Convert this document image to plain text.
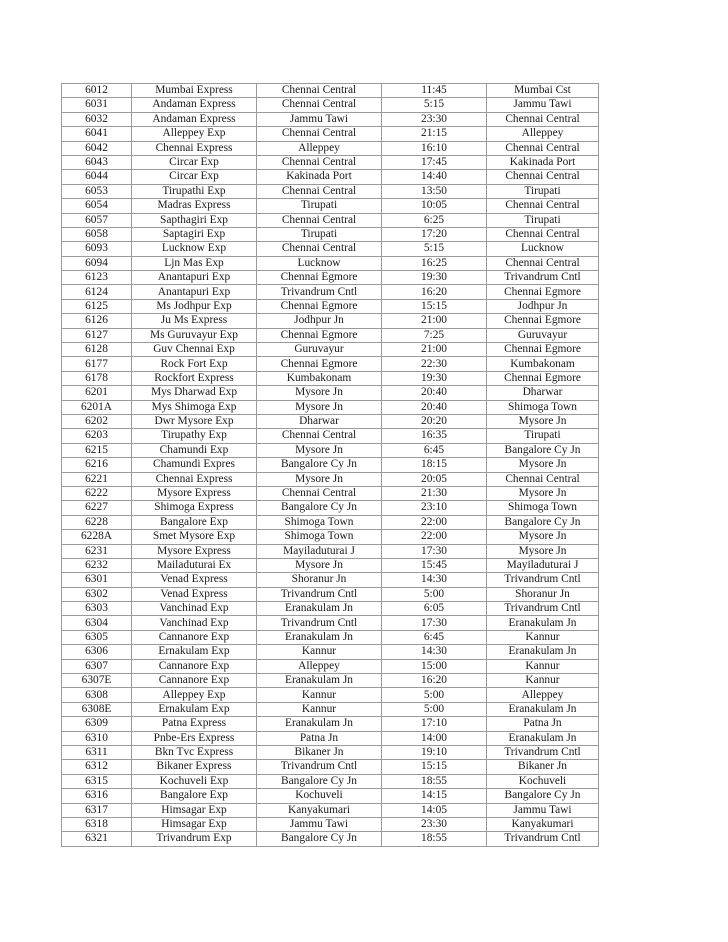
6012	Mumbai Express	Chennai Central	11:45	Mumbai Cst
6031	Andaman Express	Chennai Central	5:15	Jammu Tawi
6032	Andaman Express	Jammu Tawi	23:30	Chennai Central
6041	Alleppey Exp	Chennai Central	21:15	Alleppey
6042	Chennai Express	Alleppey	16:10	Chennai Central
6043	Circar Exp	Chennai Central	17:45	Kakinada Port
6044	Circar Exp	Kakinada Port	14:40	Chennai Central
6053	Tirupathi Exp	Chennai Central	13:50	Tirupati
6054	Madras Express	Tirupati	10:05	Chennai Central
6057	Sapthagiri Exp	Chennai Central	6:25	Tirupati
6058	Saptagiri Exp	Tirupati	17:20	Chennai Central
6093	Lucknow Exp	Chennai Central	5:15	Lucknow
6094	Ljn Mas Exp	Lucknow	16:25	Chennai Central
6123	Anantapuri Exp	Chennai Egmore	19:30	Trivandrum Cntl
6124	Anantapuri Exp	Trivandrum Cntl	16:20	Chennai Egmore
6125	Ms Jodhpur Exp	Chennai Egmore	15:15	Jodhpur Jn
6126	Ju Ms Express	Jodhpur Jn	21:00	Chennai Egmore
6127	Ms Guruvayur Exp	Chennai Egmore	7:25	Guruvayur
6128	Guv Chennai Exp	Guruvayur	21:00	Chennai Egmore
6177	Rock Fort Exp	Chennai Egmore	22:30	Kumbakonam
6178	Rockfort Express	Kumbakonam	19:30	Chennai Egmore
6201	Mys Dharwad Exp	Mysore Jn	20:40	Dharwar
6201A	Mys Shimoga Exp	Mysore Jn	20:40	Shimoga Town
6202	Dwr Mysore Exp	Dharwar	20:20	Mysore Jn
6203	Tirupathy Exp	Chennai Central	16:35	Tirupati
6215	Chamundi Exp	Mysore Jn	6:45	Bangalore Cy Jn
6216	Chamundi Expres	Bangalore Cy Jn	18:15	Mysore Jn
6221	Chennai Express	Mysore Jn	20:05	Chennai Central
6222	Mysore Express	Chennai Central	21:30	Mysore Jn
6227	Shimoga Express	Bangalore Cy Jn	23:10	Shimoga Town
6228	Bangalore Exp	Shimoga Town	22:00	Bangalore Cy Jn
6228A	Smet Mysore Exp	Shimoga Town	22:00	Mysore Jn
6231	Mysore Express	Mayiladuturai J	17:30	Mysore Jn
6232	Mailaduturai Ex	Mysore Jn	15:45	Mayiladuturai J
6301	Venad Express	Shoranur Jn	14:30	Trivandrum Cntl
6302	Venad Express	Trivandrum Cntl	5:00	Shoranur Jn
6303	Vanchinad Exp	Eranakulam Jn	6:05	Trivandrum Cntl
6304	Vanchinad Exp	Trivandrum Cntl	17:30	Eranakulam Jn
6305	Cannanore Exp	Eranakulam Jn	6:45	Kannur
6306	Ernakulam Exp	Kannur	14:30	Eranakulam Jn
6307	Cannanore Exp	Alleppey	15:00	Kannur
6307E	Cannanore Exp	Eranakulam Jn	16:20	Kannur
6308	Alleppey Exp	Kannur	5:00	Alleppey
6308E	Ernakulam Exp	Kannur	5:00	Eranakulam Jn
6309	Patna Express	Eranakulam Jn	17:10	Patna Jn
6310	Pnbe-Ers Express	Patna Jn	14:00	Eranakulam Jn
6311	Bkn Tvc Express	Bikaner Jn	19:10	Trivandrum Cntl
6312	Bikaner Express	Trivandrum Cntl	15:15	Bikaner Jn
6315	Kochuveli Exp	Bangalore Cy Jn	18:55	Kochuveli
6316	Bangalore Exp	Kochuveli	14:15	Bangalore Cy Jn
6317	Himsagar Exp	Kanyakumari	14:05	Jammu Tawi
6318	Himsagar Exp	Jammu Tawi	23:30	Kanyakumari
6321	Trivandrum Exp	Bangalore Cy Jn	18:55	Trivandrum Cntl
